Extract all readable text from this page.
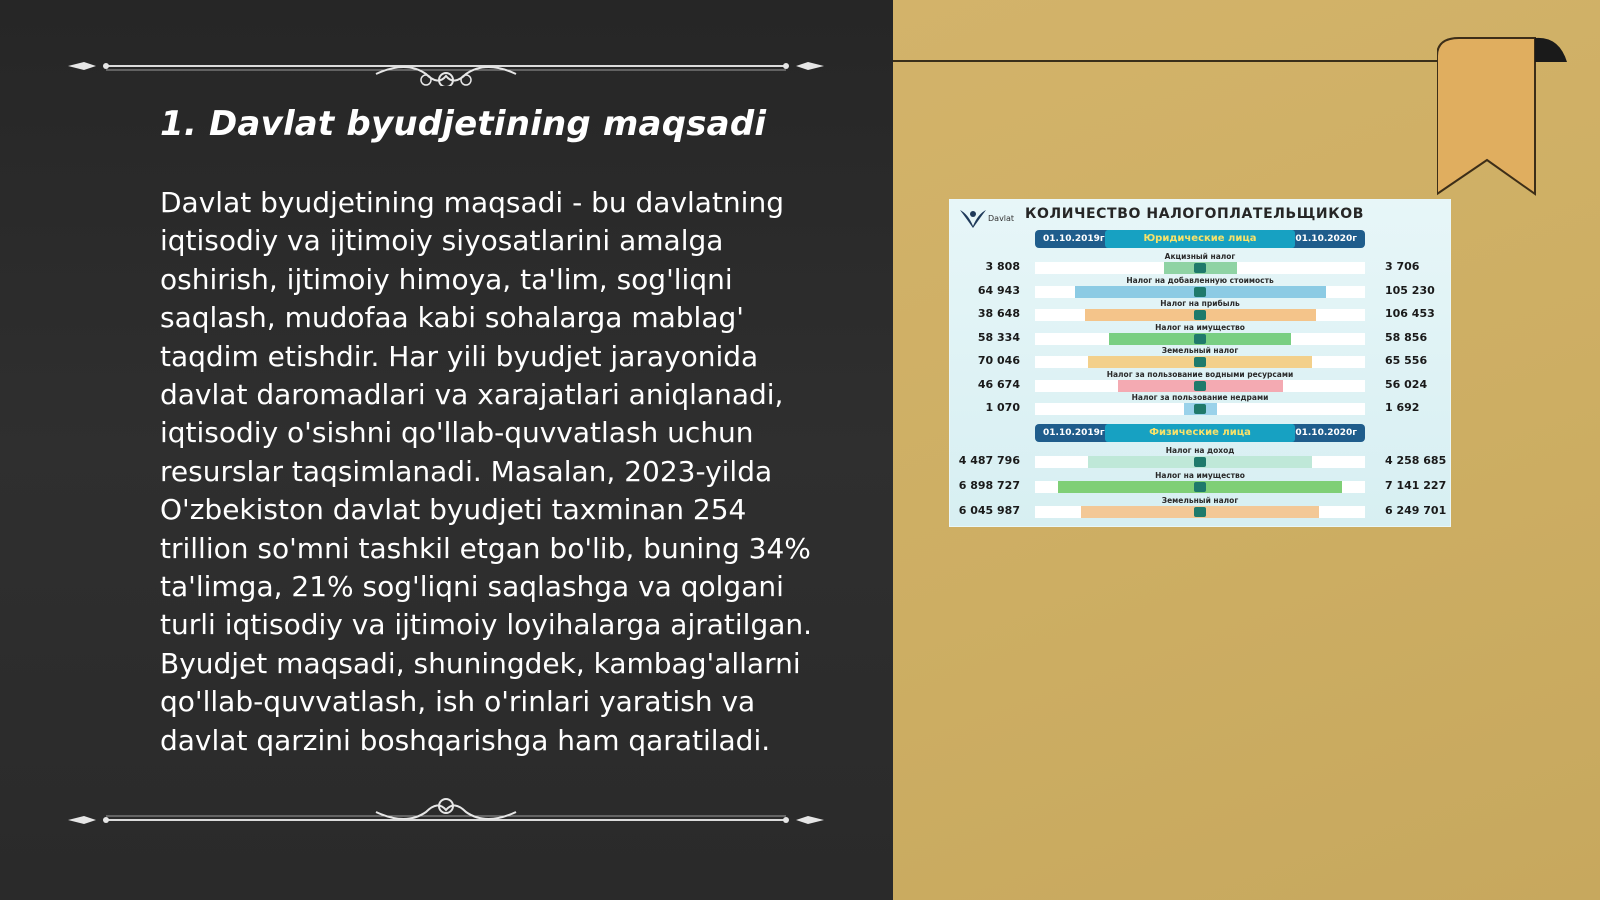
1. Davlat byudjetining maqsadi

Davlat byudjetining maqsadi - bu davlatning iqtisodiy va ijtimoiy siyosatlarini amalga oshirish, ijtimoiy himoya, ta'lim, sog'liqni saqlash, mudofaa kabi sohalarga mablag' taqdim etishdir. Har yili byudjet jarayonida davlat daromadlari va xarajatlari aniqlanadi, iqtisodiy o'sishni qo'llab-quvvatlash uchun resurslar taqsimlanadi. Masalan, 2023-yilda O'zbekiston davlat byudjeti taxminan 254 trillion so'mni tashkil etgan bo'lib, buning 34% ta'limga, 21% sog'liqni saqlashga va qolgani turli iqtisodiy va ijtimoiy loyihalarga ajratilgan. Byudjet maqsadi, shuningdek, kambag'allarni qo'llab-quvvatlash, ish o'rinlari yaratish va davlat qarzini boshqarishga ham qaratiladi.

Davlat КОЛИЧЕСТВО НАЛОГОПЛАТЕЛЬЩИКОВ
01.10.2019г	Юридические лица	01.10.2020г
Акцизный налог
3 808	3 706
Налог на добавленную стоимость
64 943	105 230
Налог на прибыль
38 648	106 453
Налог на имущество
58 334	58 856
Земельный налог
70 046	65 556
Налог за пользование водными ресурсами
46 674	56 024
Налог за пользование недрами
1 070	1 692
01.10.2019г	Физические лица	01.10.2020г
Налог на доход
4 487 796	4 258 685
Налог на имущество
6 898 727	7 141 227
Земельный налог
6 045 987	6 249 701
